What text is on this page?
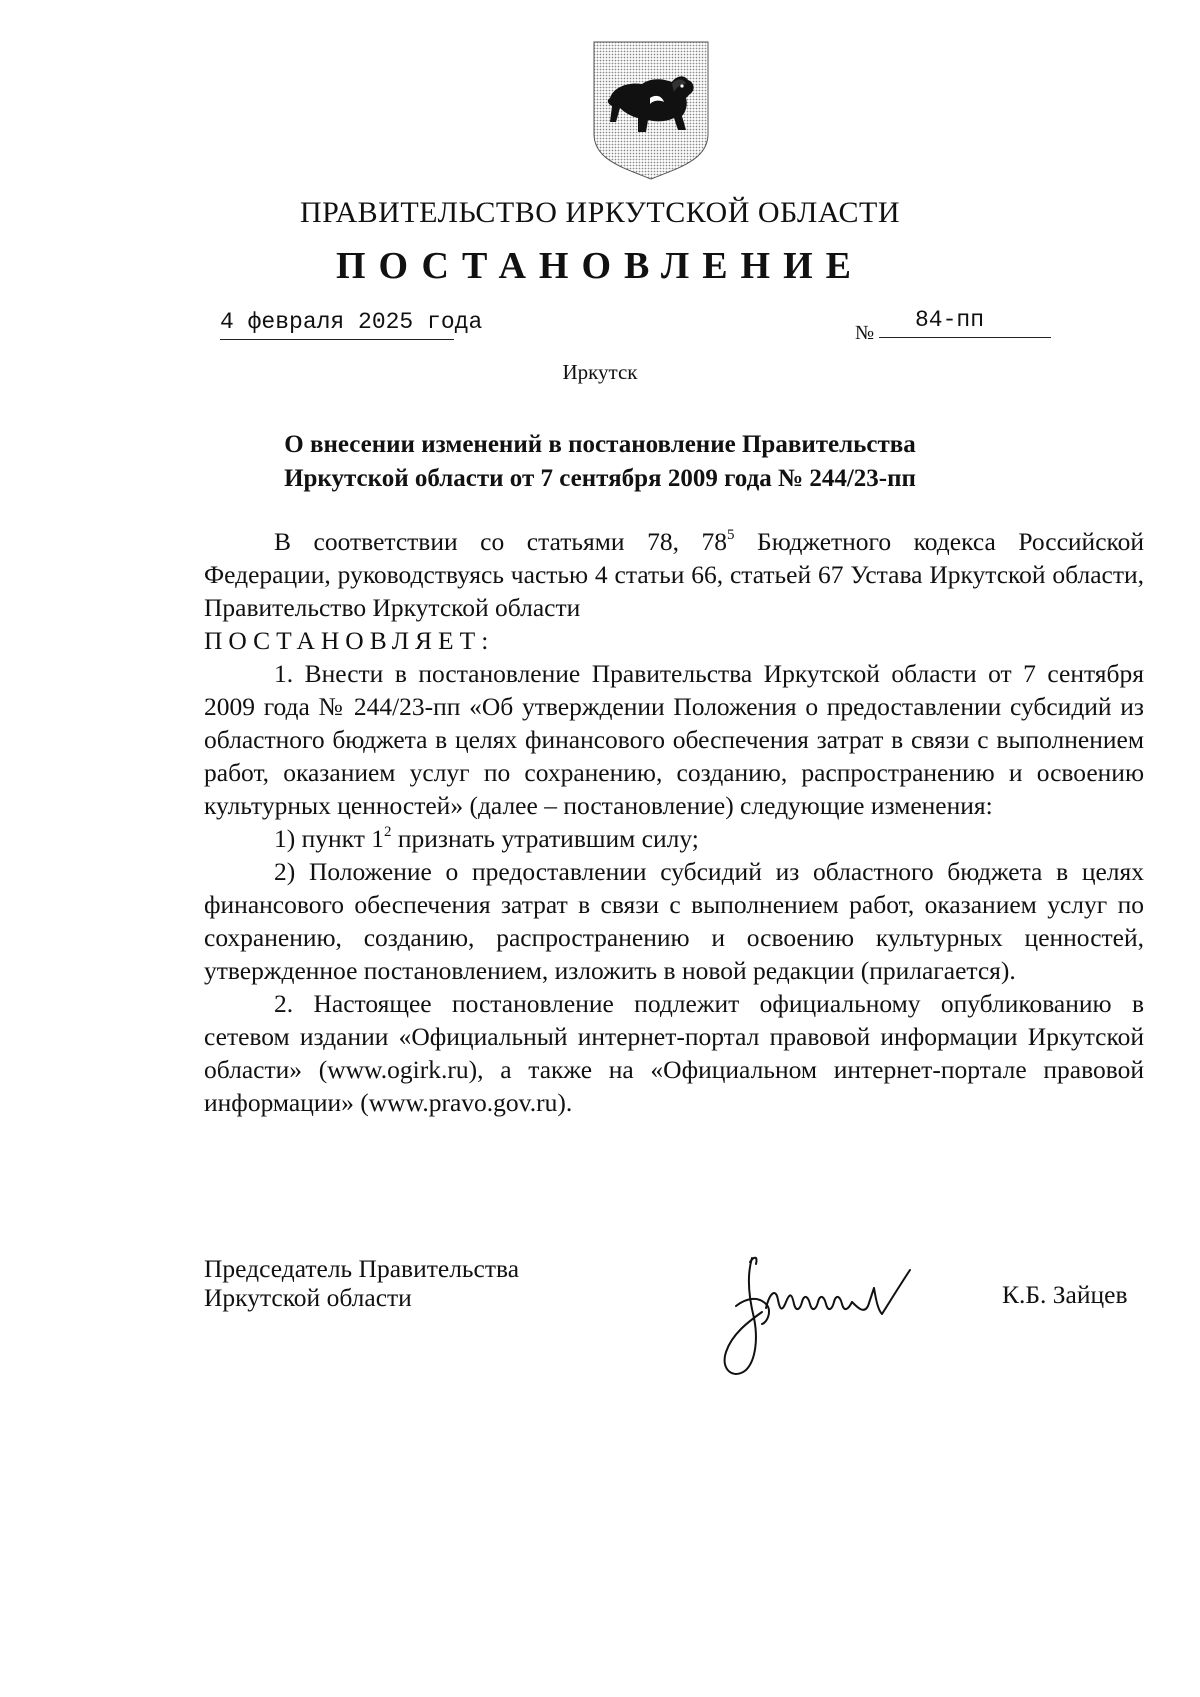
ПРАВИТЕЛЬСТВО ИРКУТСКОЙ ОБЛАСТИ
ПОСТАНОВЛЕНИЕ
4 февраля 2025 года	№	84-пп
Иркутск
О внесении изменений в постановление Правительства
Иркутской области от 7 сентября 2009 года № 244/23-пп

В соответствии со статьями 78, $78^5$ Бюджетного кодекса Российской Федерации, руководствуясь частью 4 статьи 66, статьей 67 Устава Иркутской области, Правительство Иркутской области

ПОСТАНОВЛЯЕТ:

1. Внести в постановление Правительства Иркутской области от 7 сентября 2009 года № 244/23-пп «Об утверждении Положения о предоставлении субсидий из областного бюджета в целях финансового обеспечения затрат в связи с выполнением работ, оказанием услуг по сохранению, созданию, распространению и освоению культурных ценностей» (далее – постановление) следующие изменения:

1) пункт $1^2$ признать утратившим силу;

2) Положение о предоставлении субсидий из областного бюджета в целях финансового обеспечения затрат в связи с выполнением работ, оказанием услуг по сохранению, созданию, распространению и освоению культурных ценностей, утвержденное постановлением, изложить в новой редакции (прилагается).

2. Настоящее постановление подлежит официальному опубликованию в сетевом издании «Официальный интернет-портал правовой информации Иркутской области» (www.ogirk.ru), а также на «Официальном интернет-портале правовой информации» (www.pravo.gov.ru).

Председатель Правительства
Иркутской области	К.Б. Зайцев
